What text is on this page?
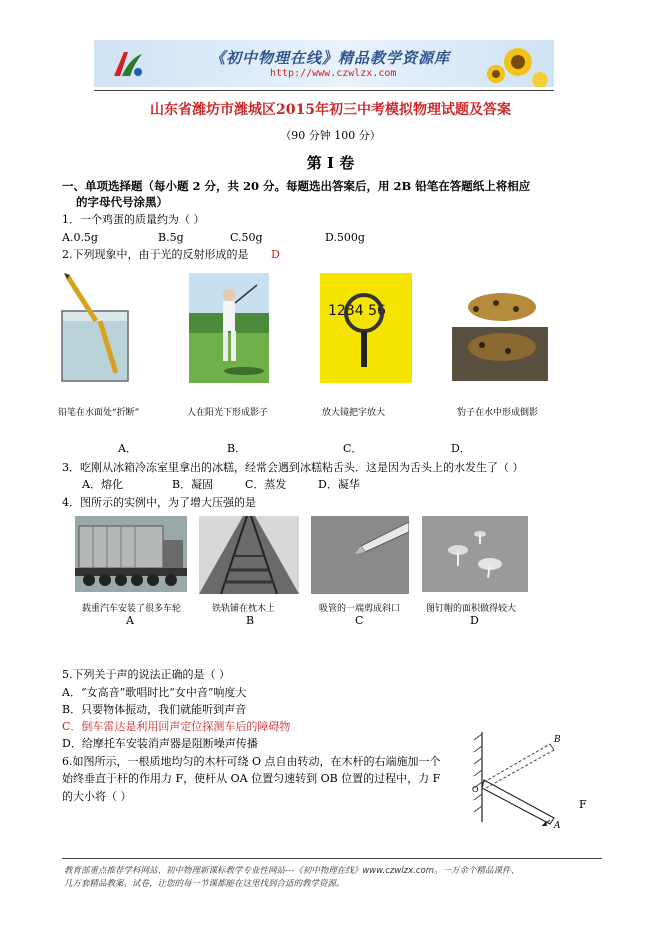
《初中物理在线》精品教学资源库
http://www.czwlzx.com
山东省潍坊市潍城区2015年初三中考模拟物理试题及答案
（90 分钟 100 分）
第 I 卷
一、单项选择题（每小题 2 分，共 20 分。每题选出答案后，用 2B 铅笔在答题纸上将相应
的字母代号涂黑）
1．一个鸡蛋的质量约为（ ）
A.0.5g	B.5g	C.50g	D.500g
2.下列现象中，由于光的反射形成的是 D
1234 56
铅笔在水面处“折断”	人在阳光下形成影子	放大镜把字放大	豹子在水中形成倒影
A．	B．	C．	D．
3．吃刚从冰箱冷冻室里拿出的冰糕，经常会遇到冰糕粘舌头．这是因为舌头上的水发生了（ ）
A．熔化	B．凝固	C．蒸发	D．凝华
4．图所示的实例中，为了增大压强的是
载重汽车安装了很多车轮	铁轨铺在枕木上	吸管的一端剪成斜口	图钉帽的面积做得较大
A	B	C	D
5.下列关于声的说法正确的是（ ）
A．“女高音”歌唱时比“女中音”响度大
B．只要物体振动，我们就能听到声音
C．倒车雷达是利用回声定位探测车后的障碍物
D．给摩托车安装消声器是阻断噪声传播
6.如图所示，一根质地均匀的木杆可绕 O 点自由转动，在木杆的右端施加一个
始终垂直于杆的作用力 F，使杆从 OA 位置匀速转到 OB 位置的过程中，力 F
的大小将（ ）
B
A
O
F
教育部重点推荐学科网站、初中物理新课标教学专业性网站---《初中物理在线》www.czwlzx.com。一万余个精品课件、
几万套精品教案、试卷，让您的每一节课都能在这里找到合适的教学资源。
